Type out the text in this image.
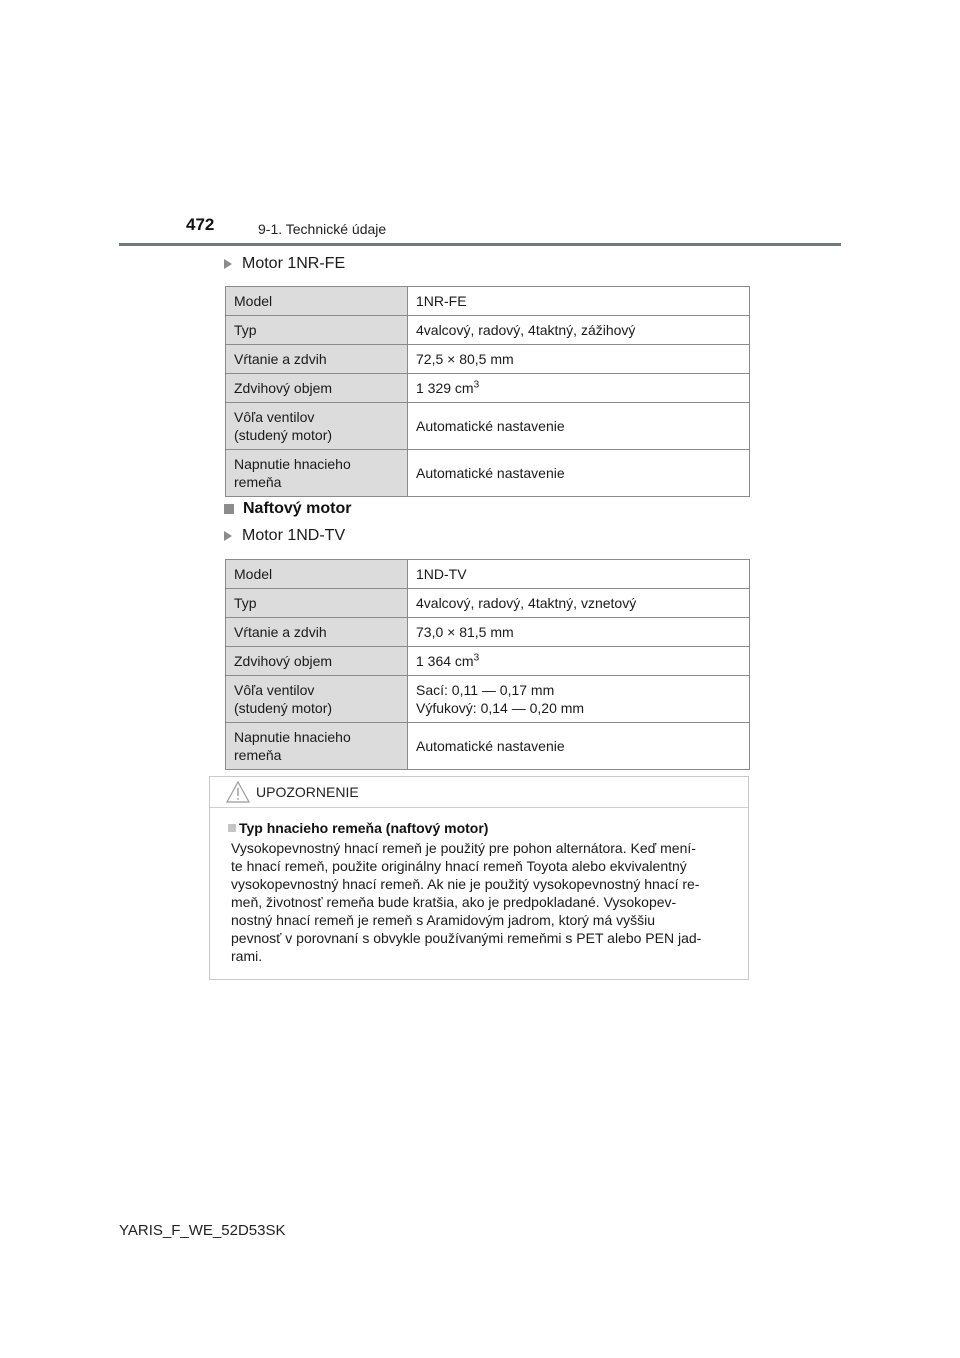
472	9-1. Technické údaje
Motor 1NR-FE
Model	1NR-FE
Typ	4valcový, radový, 4taktný, zážihový
Vŕtanie a zdvih	72,5 × 80,5 mm
Zdvihový objem	1 329 $cm^3$
Vôľa ventilov
(studený motor)	Automatické nastavenie
Napnutie hnacieho
remeňa	Automatické nastavenie
Naftový motor
Motor 1ND-TV
Model	1ND-TV
Typ	4valcový, radový, 4taktný, vznetový
Vŕtanie a zdvih	73,0 × 81,5 mm
Zdvihový objem	1 364 $cm^3$
Vôľa ventilov
(studený motor)	Sací: 0,11 — 0,17 mm
Výfukový: 0,14 — 0,20 mm
Napnutie hnacieho
remeňa	Automatické nastavenie
UPOZORNENIE
Typ hnacieho remeňa (naftový motor)
Vysokopevnostný hnací remeň je použitý pre pohon alternátora. Keď mení-
te hnací remeň, použite originálny hnací remeň Toyota alebo ekvivalentný
vysokopevnostný hnací remeň. Ak nie je použitý vysokopevnostný hnací re-
meň, životnosť remeňa bude kratšia, ako je predpokladané. Vysokopev-
nostný hnací remeň je remeň s Aramidovým jadrom, ktorý má vyššiu
pevnosť v porovnaní s obvykle používanými remeňmi s PET alebo PEN jad-
rami.
YARIS_F_WE_52D53SK
